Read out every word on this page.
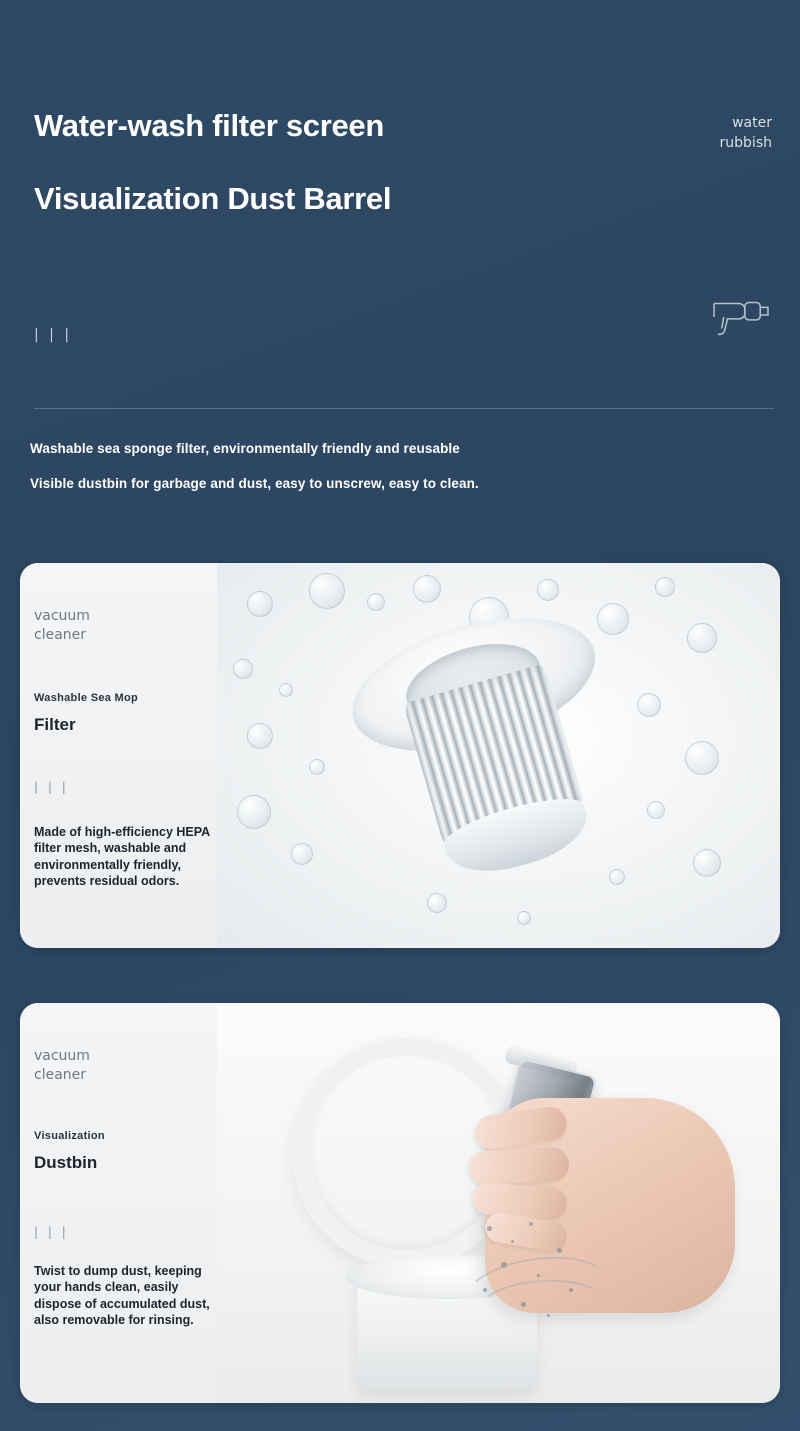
Water-wash filter screen
Visualization Dust Barrel
water
rubbish
| | |

Washable sea sponge filter, environmentally friendly and reusable

Visible dustbin for garbage and dust, easy to unscrew, easy to clean.

vacuum
cleaner
Washable Sea Mop
Filter
| | |
Made of high-efficiency HEPA filter mesh, washable and environmentally friendly, prevents residual odors.
vacuum
cleaner
Visualization
Dustbin
| | |
Twist to dump dust, keeping your hands clean, easily dispose of accumulated dust, also removable for rinsing.
